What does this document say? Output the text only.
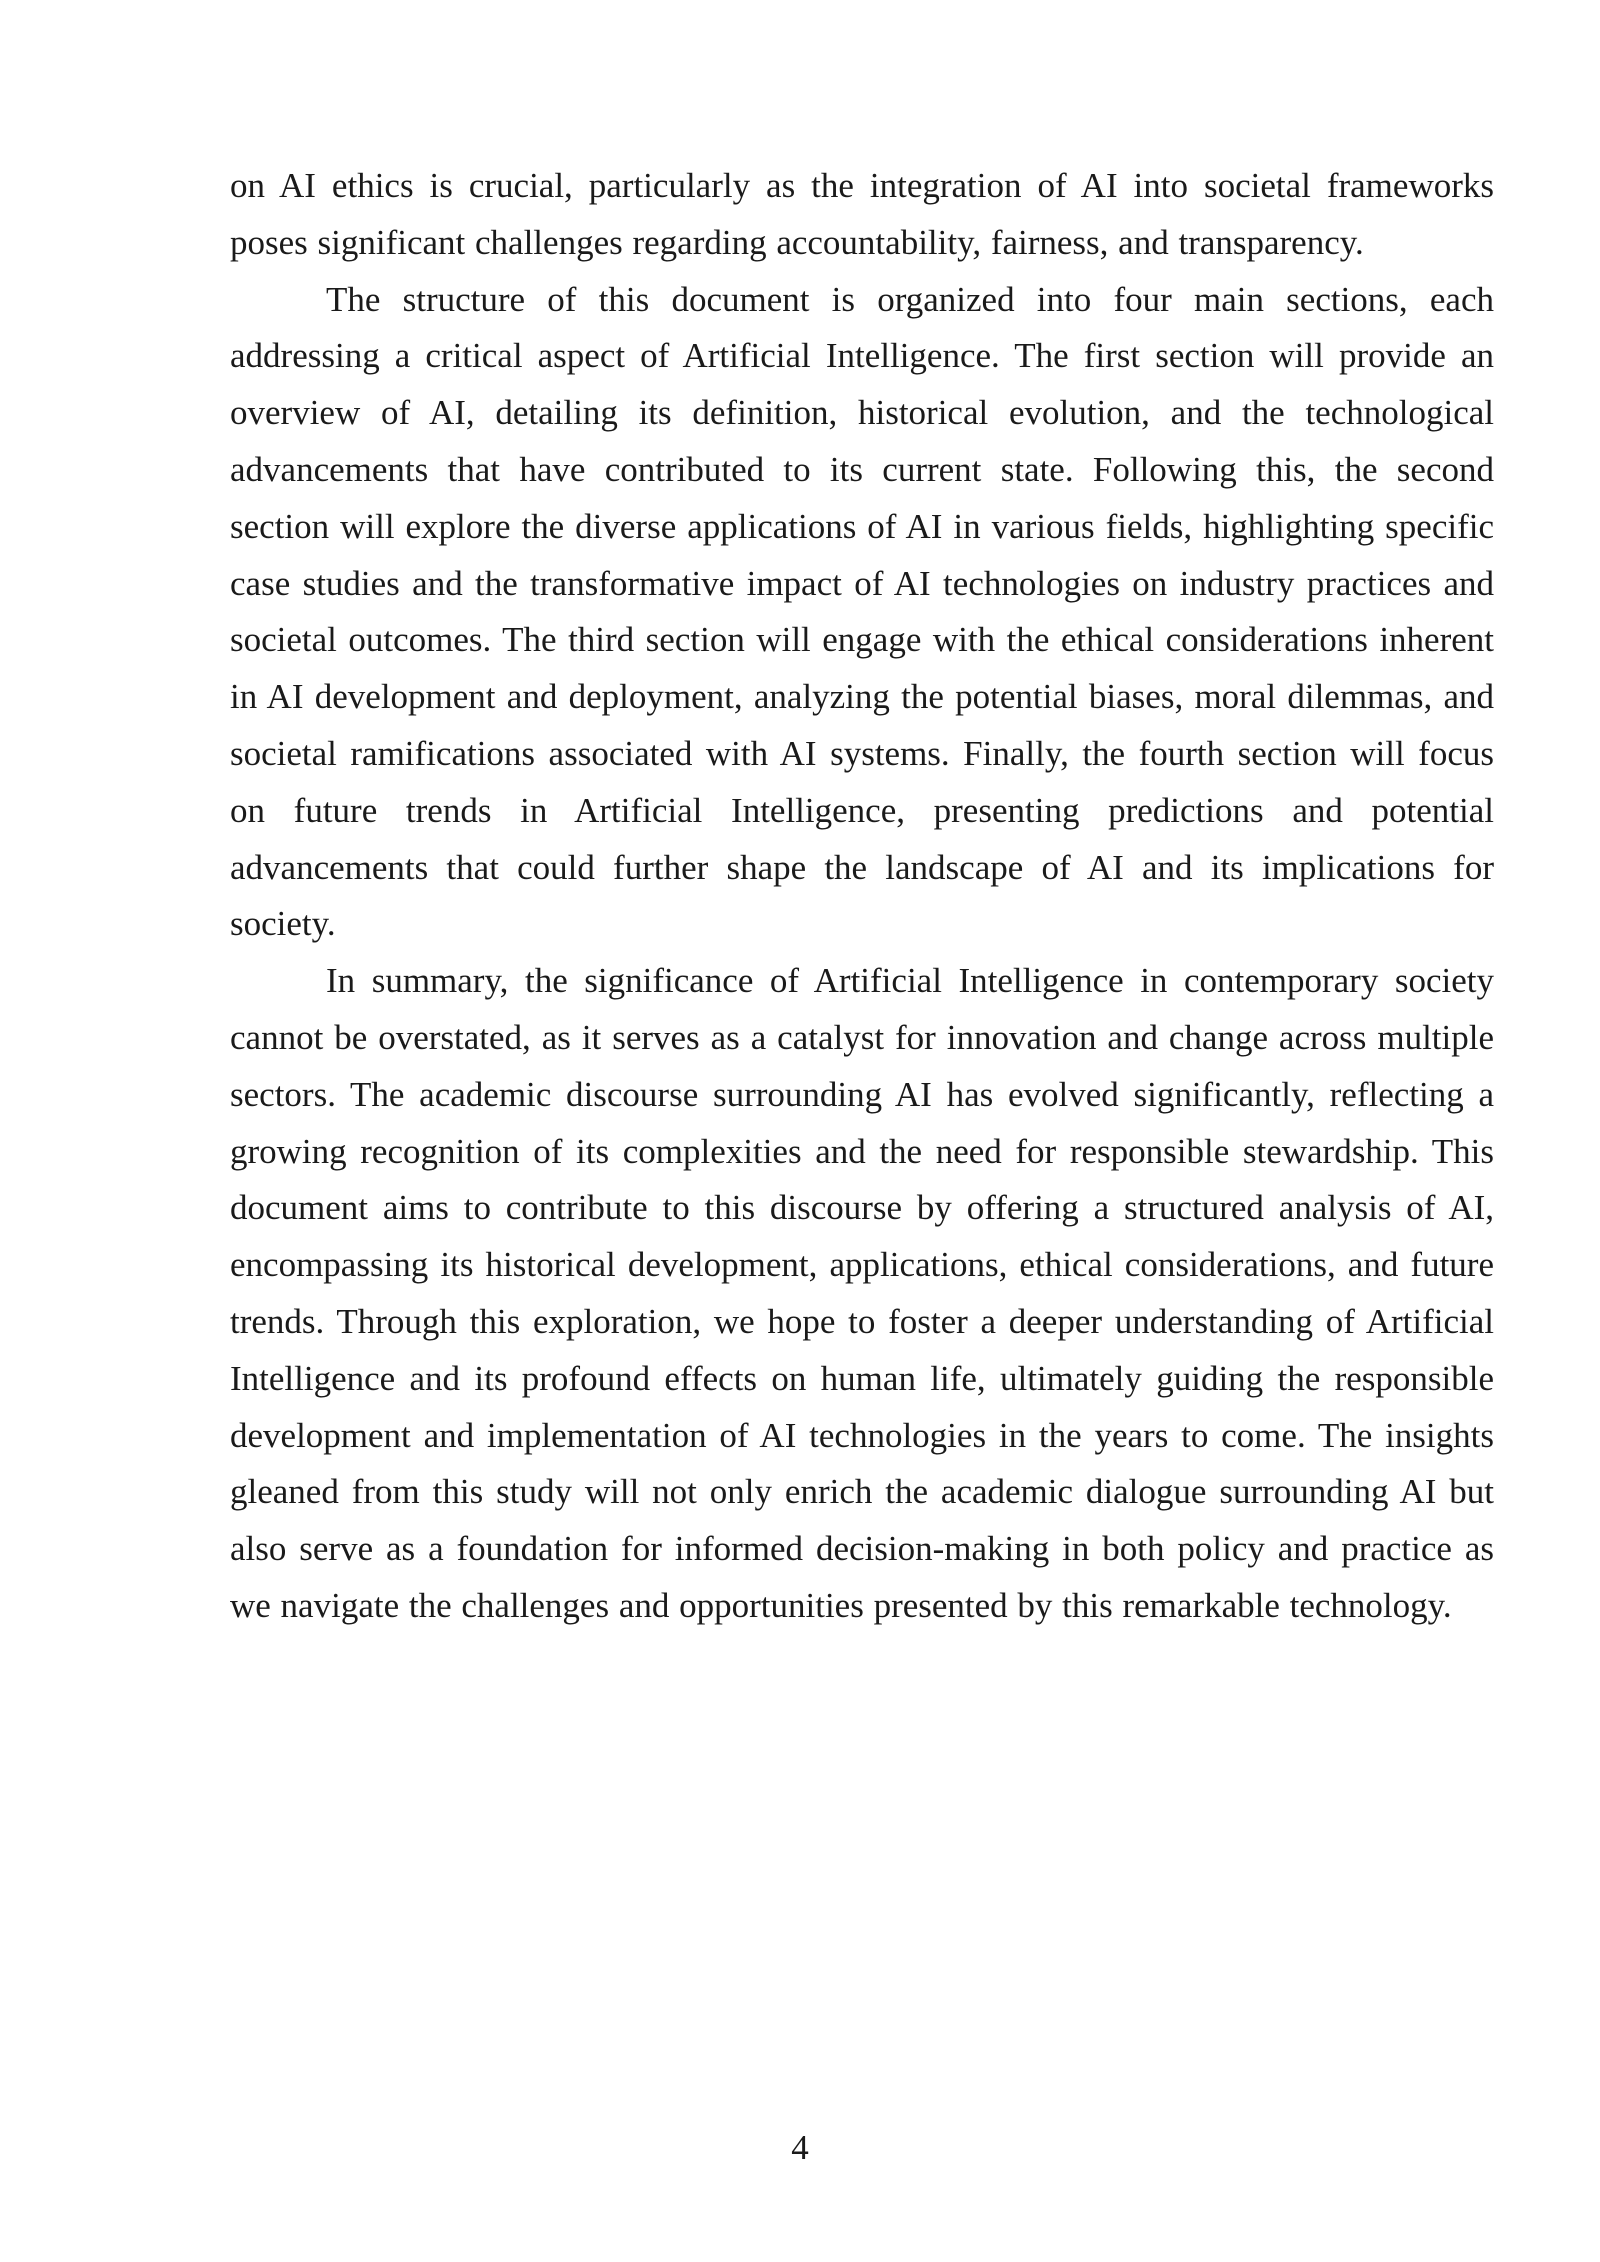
on AI ethics is crucial, particularly as the integration of AI into societal frameworks poses significant challenges regarding accountability, fairness, and transparency.

The structure of this document is organized into four main sections, each addressing a critical aspect of Artificial Intelligence. The first section will provide an overview of AI, detailing its definition, historical evolution, and the technological advancements that have contributed to its current state. Following this, the second section will explore the diverse applications of AI in various fields, highlighting specific case studies and the transformative impact of AI technologies on industry practices and societal outcomes. The third section will engage with the ethical considerations inherent in AI development and deployment, analyzing the potential biases, moral dilemmas, and societal ramifications associated with AI systems. Finally, the fourth section will focus on future trends in Artificial Intelligence, presenting predictions and potential advancements that could further shape the landscape of AI and its implications for society.

In summary, the significance of Artificial Intelligence in contemporary society cannot be overstated, as it serves as a catalyst for innovation and change across multiple sectors. The academic discourse surrounding AI has evolved significantly, reflecting a growing recognition of its complexities and the need for responsible stewardship. This document aims to contribute to this discourse by offering a structured analysis of AI, encompassing its historical development, applications, ethical considerations, and future trends. Through this exploration, we hope to foster a deeper understanding of Artificial Intelligence and its profound effects on human life, ultimately guiding the responsible development and implementation of AI technologies in the years to come. The insights gleaned from this study will not only enrich the academic dialogue surrounding AI but also serve as a foundation for informed decision-making in both policy and practice as we navigate the challenges and opportunities presented by this remarkable technology.

4
